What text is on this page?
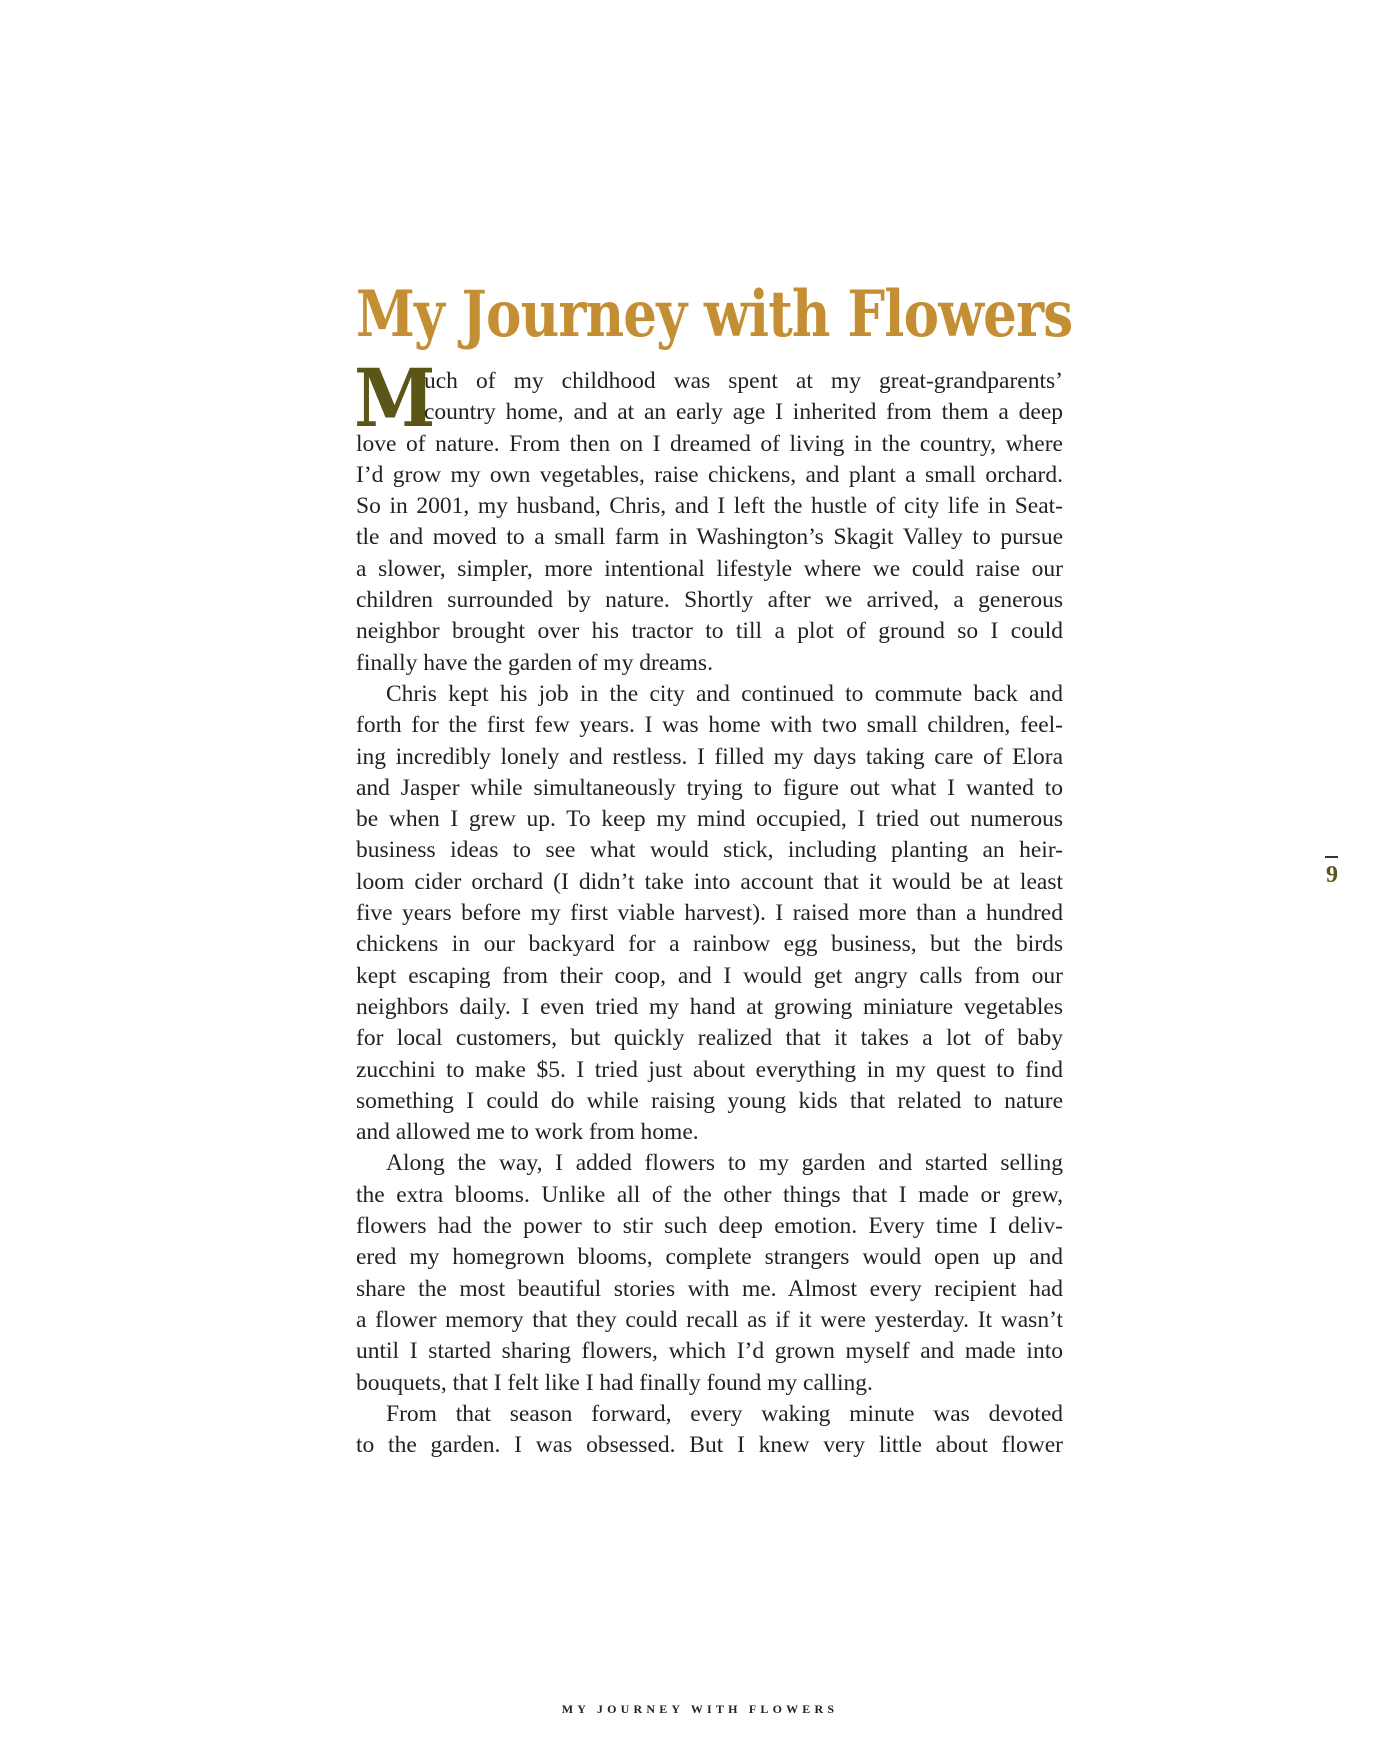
My Journey with Flowers
M
uch of my childhood was spent at my great-grandparents’
country home, and at an early age I inherited from them a deep
love of nature. From then on I dreamed of living in the country, where
I’d grow my own vegetables, raise chickens, and plant a small orchard.
So in 2001, my husband, Chris, and I left the hustle of city life in Seat-
tle and moved to a small farm in Washington’s Skagit Valley to pursue
a slower, simpler, more intentional lifestyle where we could raise our
children surrounded by nature. Shortly after we arrived, a generous
neighbor brought over his tractor to till a plot of ground so I could
finally have the garden of my dreams.
Chris kept his job in the city and continued to commute back and
forth for the first few years. I was home with two small children, feel-
ing incredibly lonely and restless. I filled my days taking care of Elora
and Jasper while simultaneously trying to figure out what I wanted to
be when I grew up. To keep my mind occupied, I tried out numerous
business ideas to see what would stick, including planting an heir-
loom cider orchard (I didn’t take into account that it would be at least
five years before my first viable harvest). I raised more than a hundred
chickens in our backyard for a rainbow egg business, but the birds
kept escaping from their coop, and I would get angry calls from our
neighbors daily. I even tried my hand at growing miniature vegetables
for local customers, but quickly realized that it takes a lot of baby
zucchini to make $5. I tried just about everything in my quest to find
something I could do while raising young kids that related to nature
and allowed me to work from home.
Along the way, I added flowers to my garden and started selling
the extra blooms. Unlike all of the other things that I made or grew,
flowers had the power to stir such deep emotion. Every time I deliv-
ered my homegrown blooms, complete strangers would open up and
share the most beautiful stories with me. Almost every recipient had
a flower memory that they could recall as if it were yesterday. It wasn’t
until I started sharing flowers, which I’d grown myself and made into
bouquets, that I felt like I had finally found my calling.
From that season forward, every waking minute was devoted
to the garden. I was obsessed. But I knew very little about flower
9
MY JOURNEY WITH FLOWERS
